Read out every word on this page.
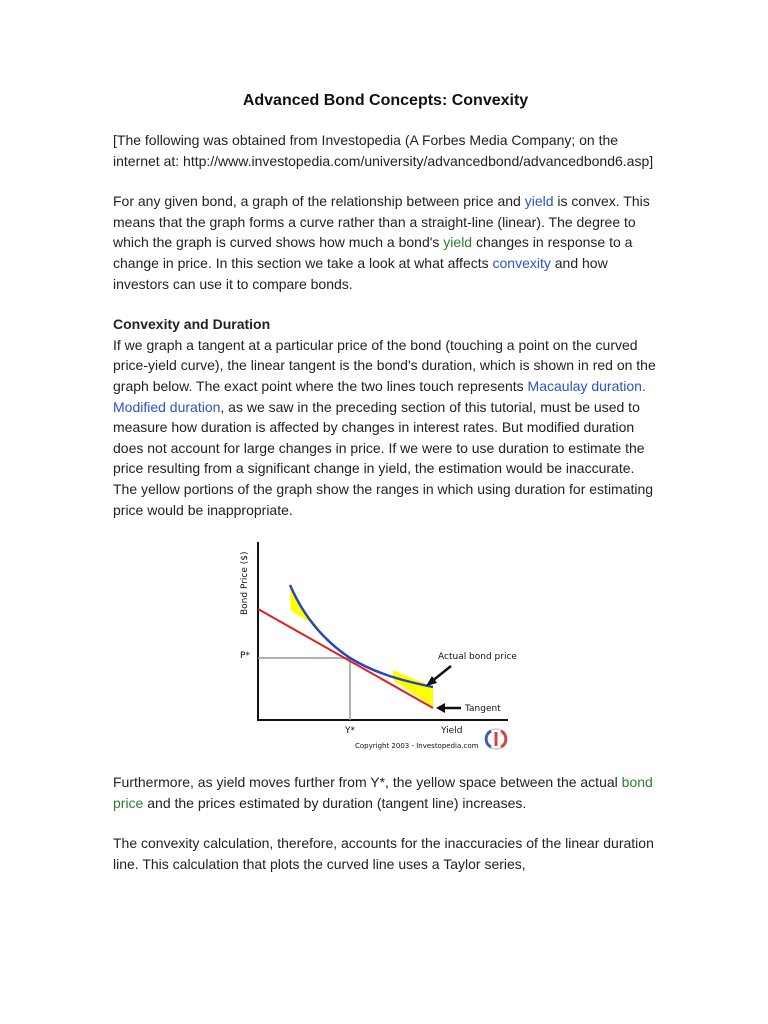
Advanced Bond Concepts: Convexity

[The following was obtained from Investopedia (A Forbes Media Company; on the internet at: http://www.investopedia.com/university/advancedbond/advancedbond6.asp]

For any given bond, a graph of the relationship between price and yield is convex. This means that the graph forms a curve rather than a straight-line (linear). The degree to which the graph is curved shows how much a bond's yield changes in response to a change in price. In this section we take a look at what affects convexity and how investors can use it to compare bonds.

Convexity and Duration

If we graph a tangent at a particular price of the bond (touching a point on the curved price-yield curve), the linear tangent is the bond's duration, which is shown in red on the graph below. The exact point where the two lines touch represents Macaulay duration. Modified duration, as we saw in the preceding section of this tutorial, must be used to measure how duration is affected by changes in interest rates. But modified duration does not account for large changes in price. If we were to use duration to estimate the price resulting from a significant change in yield, the estimation would be inaccurate. The yellow portions of the graph show the ranges in which using duration for estimating price would be inappropriate.

Bond Price ($)
P*
Y*	Yield
Actual bond price
Tangent
Copyright 2003 - Investopedia.com

Furthermore, as yield moves further from Y*, the yellow space between the actual bond price and the prices estimated by duration (tangent line) increases.

The convexity calculation, therefore, accounts for the inaccuracies of the linear duration line. This calculation that plots the curved line uses a Taylor series,
